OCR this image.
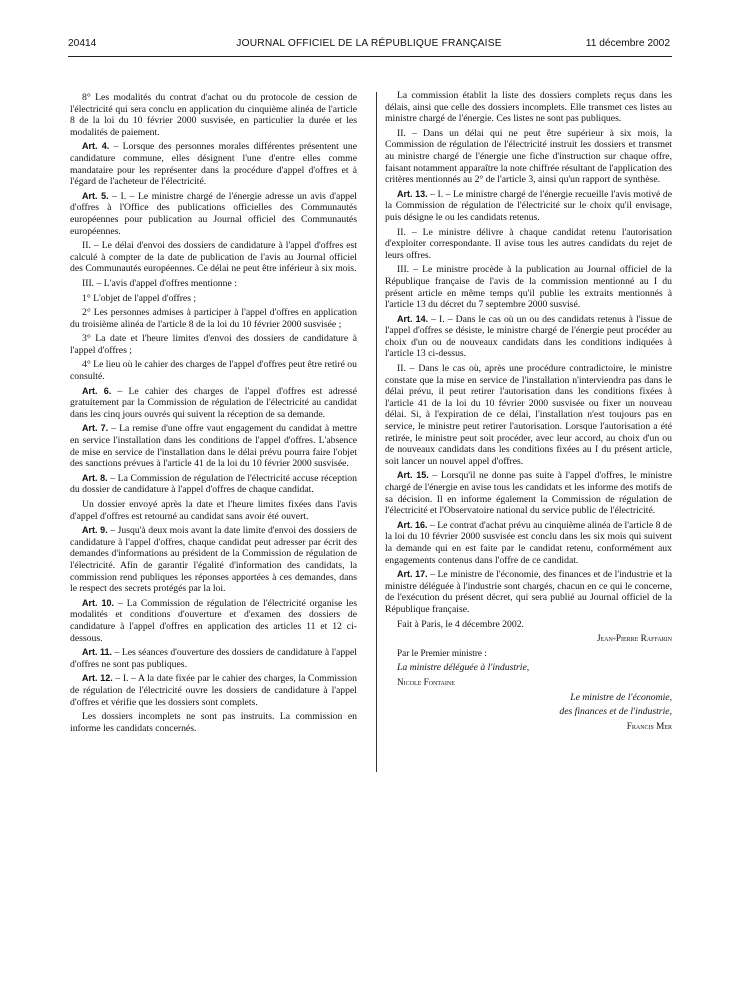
20414	JOURNAL OFFICIEL DE LA RÉPUBLIQUE FRANÇAISE	11 décembre 2002

8° Les modalités du contrat d'achat ou du protocole de cession de l'électricité qui sera conclu en application du cinquième alinéa de l'article 8 de la loi du 10 février 2000 susvisée, en particulier la durée et les modalités de paiement.

Art. 4. – Lorsque des personnes morales différentes présentent une candidature commune, elles désignent l'une d'entre elles comme mandataire pour les représenter dans la procédure d'appel d'offres et à l'égard de l'acheteur de l'électricité.

Art. 5. – I. – Le ministre chargé de l'énergie adresse un avis d'appel d'offres à l'Office des publications officielles des Communautés européennes pour publication au Journal officiel des Communautés européennes.

II. – Le délai d'envoi des dossiers de candidature à l'appel d'offres est calculé à compter de la date de publication de l'avis au Journal officiel des Communautés européennes. Ce délai ne peut être inférieur à six mois.

III. – L'avis d'appel d'offres mentionne :

1° L'objet de l'appel d'offres ;

2° Les personnes admises à participer à l'appel d'offres en application du troisième alinéa de l'article 8 de la loi du 10 février 2000 susvisée ;

3° La date et l'heure limites d'envoi des dossiers de candidature à l'appel d'offres ;

4° Le lieu où le cahier des charges de l'appel d'offres peut être retiré ou consulté.

Art. 6. – Le cahier des charges de l'appel d'offres est adressé gratuitement par la Commission de régulation de l'électricité au candidat dans les cinq jours ouvrés qui suivent la réception de sa demande.

Art. 7. – La remise d'une offre vaut engagement du candidat à mettre en service l'installation dans les conditions de l'appel d'offres. L'absence de mise en service de l'installation dans le délai prévu pourra faire l'objet des sanctions prévues à l'article 41 de la loi du 10 février 2000 susvisée.

Art. 8. – La Commission de régulation de l'électricité accuse réception du dossier de candidature à l'appel d'offres de chaque candidat.

Un dossier envoyé après la date et l'heure limites fixées dans l'avis d'appel d'offres est retourné au candidat sans avoir été ouvert.

Art. 9. – Jusqu'à deux mois avant la date limite d'envoi des dossiers de candidature à l'appel d'offres, chaque candidat peut adresser par écrit des demandes d'informations au président de la Commission de régulation de l'électricité. Afin de garantir l'égalité d'information des candidats, la commission rend publiques les réponses apportées à ces demandes, dans le respect des secrets protégés par la loi.

Art. 10. – La Commission de régulation de l'électricité organise les modalités et conditions d'ouverture et d'examen des dossiers de candidature à l'appel d'offres en application des articles 11 et 12 ci-dessous.

Art. 11. – Les séances d'ouverture des dossiers de candidature à l'appel d'offres ne sont pas publiques.

Art. 12. – I. – A la date fixée par le cahier des charges, la Commission de régulation de l'électricité ouvre les dossiers de candidature à l'appel d'offres et vérifie que les dossiers sont complets.

Les dossiers incomplets ne sont pas instruits. La commission en informe les candidats concernés.

La commission établit la liste des dossiers complets reçus dans les délais, ainsi que celle des dossiers incomplets. Elle transmet ces listes au ministre chargé de l'énergie. Ces listes ne sont pas publiques.

II. – Dans un délai qui ne peut être supérieur à six mois, la Commission de régulation de l'électricité instruit les dossiers et transmet au ministre chargé de l'énergie une fiche d'instruction sur chaque offre, faisant notamment apparaître la note chiffrée résultant de l'application des critères mentionnés au 2° de l'article 3, ainsi qu'un rapport de synthèse.

Art. 13. – I. – Le ministre chargé de l'énergie recueille l'avis motivé de la Commission de régulation de l'électricité sur le choix qu'il envisage, puis désigne le ou les candidats retenus.

II. – Le ministre délivre à chaque candidat retenu l'autorisation d'exploiter correspondante. Il avise tous les autres candidats du rejet de leurs offres.

III. – Le ministre procède à la publication au Journal officiel de la République française de l'avis de la commission mentionné au I du présent article en même temps qu'il publie les extraits mentionnés à l'article 13 du décret du 7 septembre 2000 susvisé.

Art. 14. – I. – Dans le cas où un ou des candidats retenus à l'issue de l'appel d'offres se désiste, le ministre chargé de l'énergie peut procéder au choix d'un ou de nouveaux candidats dans les conditions indiquées à l'article 13 ci-dessus.

II. – Dans le cas où, après une procédure contradictoire, le ministre constate que la mise en service de l'installation n'interviendra pas dans le délai prévu, il peut retirer l'autorisation dans les conditions fixées à l'article 41 de la loi du 10 février 2000 susvisée ou fixer un nouveau délai. Si, à l'expiration de ce délai, l'installation n'est toujours pas en service, le ministre peut retirer l'autorisation. Lorsque l'autorisation a été retirée, le ministre peut soit procéder, avec leur accord, au choix d'un ou de nouveaux candidats dans les conditions fixées au I du présent article, soit lancer un nouvel appel d'offres.

Art. 15. – Lorsqu'il ne donne pas suite à l'appel d'offres, le ministre chargé de l'énergie en avise tous les candidats et les informe des motifs de sa décision. Il en informe également la Commission de régulation de l'électricité et l'Observatoire national du service public de l'électricité.

Art. 16. – Le contrat d'achat prévu au cinquième alinéa de l'article 8 de la loi du 10 février 2000 susvisée est conclu dans les six mois qui suivent la demande qui en est faite par le candidat retenu, conformément aux engagements contenus dans l'offre de ce candidat.

Art. 17. – Le ministre de l'économie, des finances et de l'industrie et la ministre déléguée à l'industrie sont chargés, chacun en ce qui le concerne, de l'exécution du présent décret, qui sera publié au Journal officiel de la République française.

Fait à Paris, le 4 décembre 2002.

Jean-Pierre Raffarin

Par le Premier ministre :

La ministre déléguée à l'industrie,

Nicole Fontaine

Le ministre de l'économie,

des finances et de l'industrie,

Francis Mer
